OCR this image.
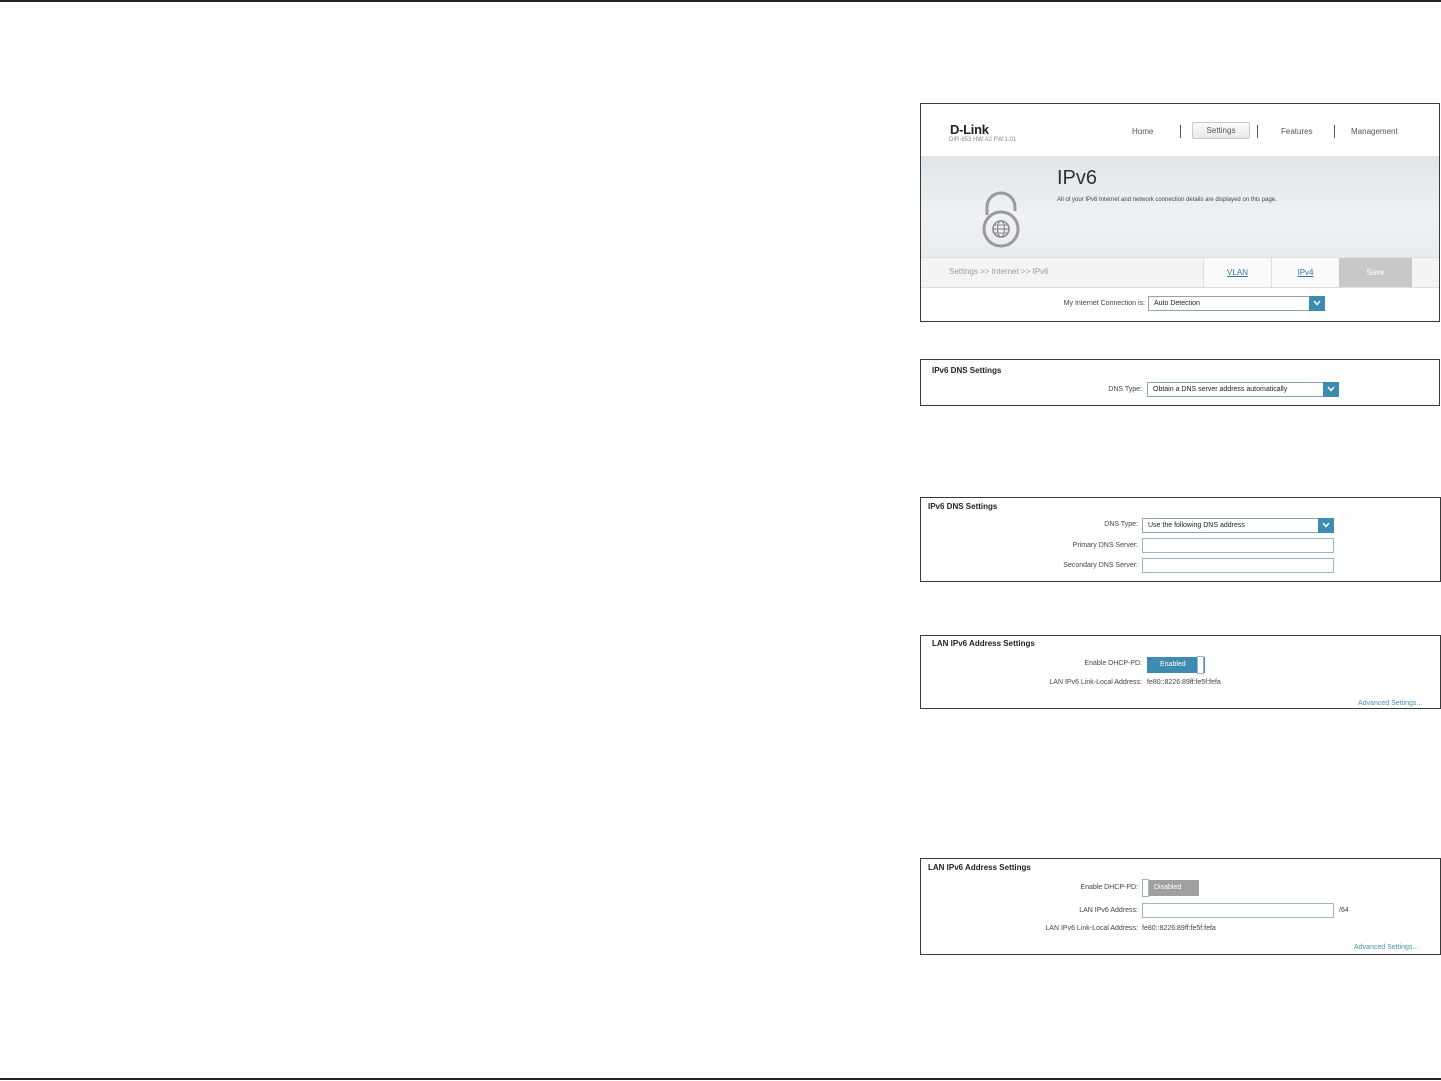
D-Link
DIR-853 HW:A2 FW:1.01
Home	Settings	Features	Management
IPv6
All of your IPv6 Internet and network connection details are displayed on this page.
Settings >> Internet >> IPv6	VLAN	IPv4	Save
My Internet Connection is:	Auto Detection
IPv6 DNS Settings
DNS Type:	Obtain a DNS server address automatically
IPv6 DNS Settings
DNS Type:	Use the following DNS address
Primary DNS Server:
Secondary DNS Server:
LAN IPv6 Address Settings
Enable DHCP-PD:	Enabled
LAN IPv6 Link-Local Address: fe80::8226:89ff:fe5f:fefa
Advanced Settings...
LAN IPv6 Address Settings
Enable DHCP-PD: Disabled
LAN IPv6 Address:	/64
LAN IPv6 Link-Local Address: fe80::8226:89ff:fe5f:fefa
Advanced Settings...
